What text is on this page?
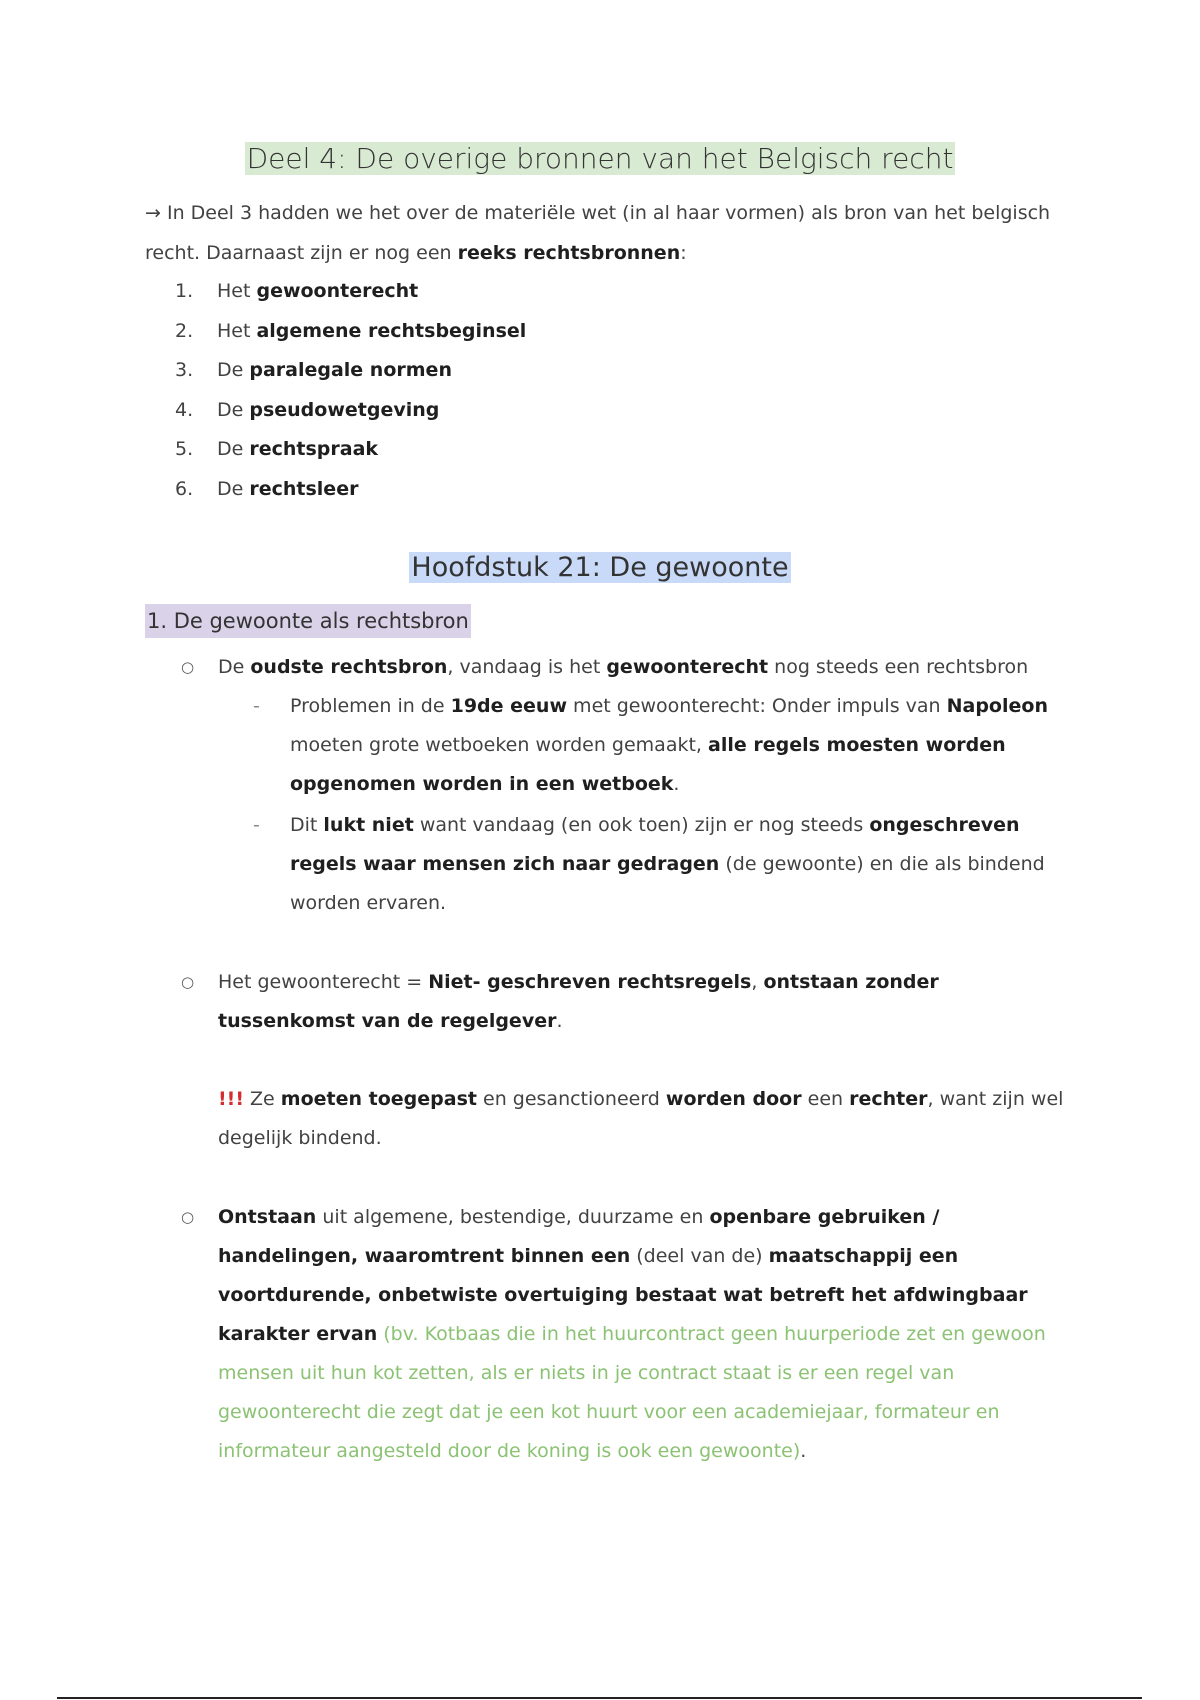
Deel 4: De overige bronnen van het Belgisch recht
→ In Deel 3 hadden we het over de materiële wet (in al haar vormen) als bron van het belgisch recht. Daarnaast zijn er nog een reeks rechtsbronnen:
1. Het gewoonterecht
2. Het algemene rechtsbeginsel
3. De paralegale normen
4. De pseudowetgeving
5. De rechtspraak
6. De rechtsleer
Hoofdstuk 21: De gewoonte
1. De gewoonte als rechtsbron
○ De oudste rechtsbron, vandaag is het gewoonterecht nog steeds een rechtsbron
- Problemen in de 19de eeuw met gewoonterecht: Onder impuls van Napoleon moeten grote wetboeken worden gemaakt, alle regels moesten worden opgenomen worden in een wetboek.
- Dit lukt niet want vandaag (en ook toen) zijn er nog steeds ongeschreven regels waar mensen zich naar gedragen (de gewoonte) en die als bindend worden ervaren.
○ Het gewoonterecht = Niet- geschreven rechtsregels, ontstaan zonder tussenkomst van de regelgever.
!!! Ze moeten toegepast en gesanctioneerd worden door een rechter, want zijn wel degelijk bindend.
○ Ontstaan uit algemene, bestendige, duurzame en openbare gebruiken / handelingen, waaromtrent binnen een (deel van de) maatschappij een voortdurende, onbetwiste overtuiging bestaat wat betreft het afdwingbaar karakter ervan (bv. Kotbaas die in het huurcontract geen huurperiode zet en gewoon mensen uit hun kot zetten, als er niets in je contract staat is er een regel van gewoonterecht die zegt dat je een kot huurt voor een academiejaar, formateur en informateur aangesteld door de koning is ook een gewoonte).
